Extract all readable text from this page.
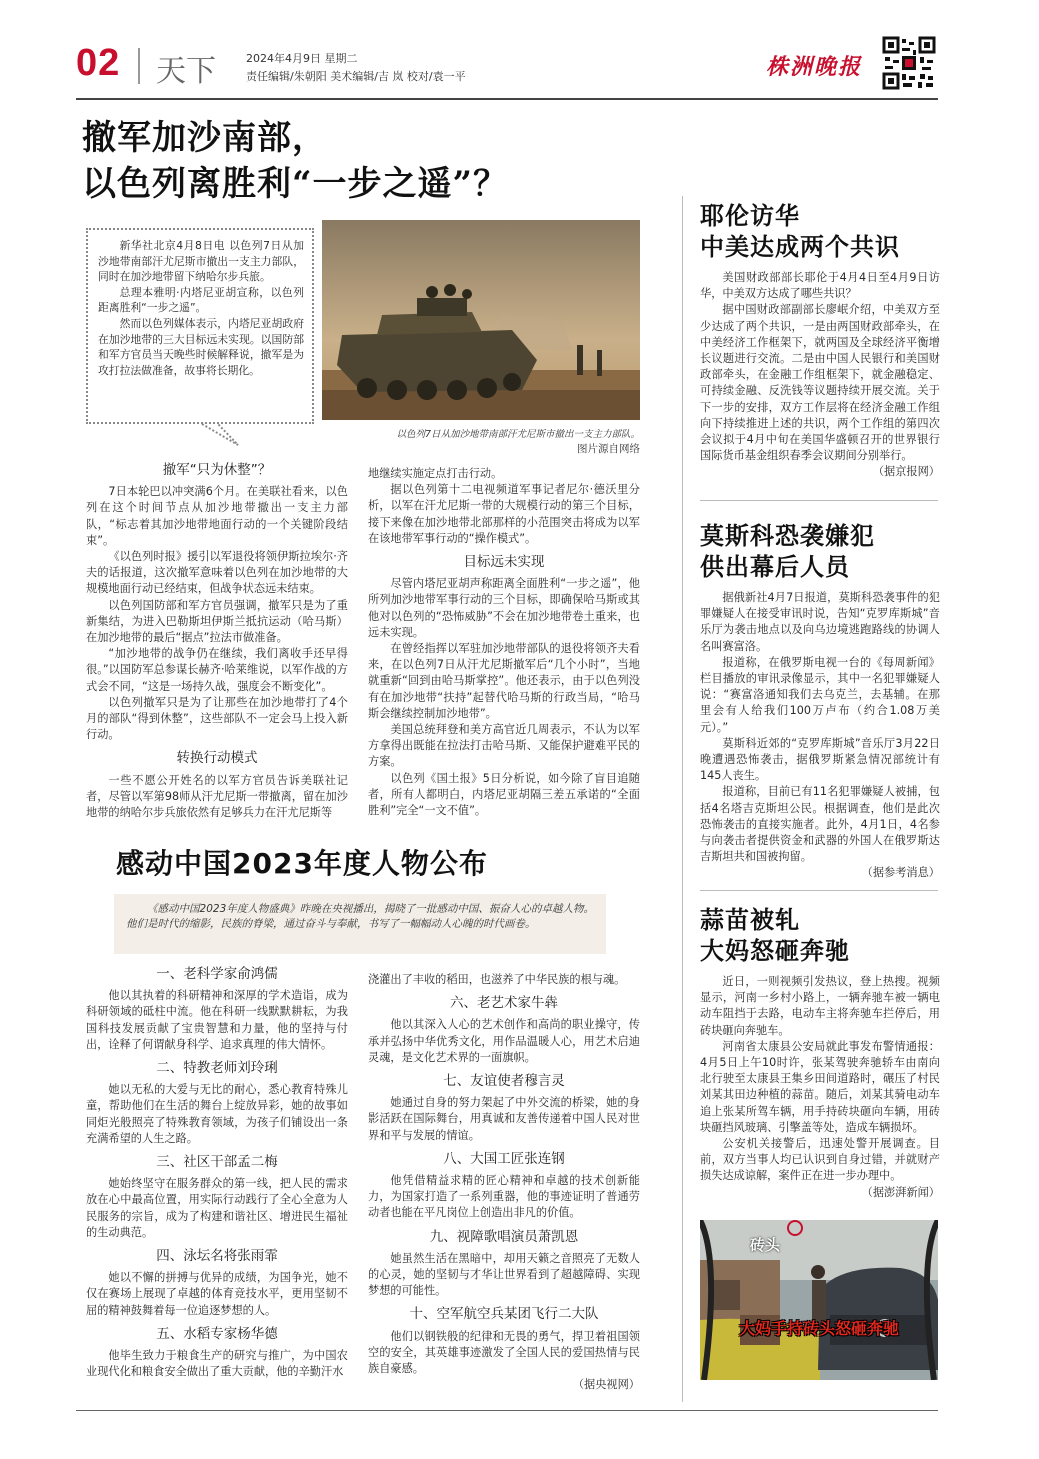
02 天下	2024年4月9日 星期二
责任编辑/朱朝阳 美术编辑/吉 岚 校对/袁一平	株洲晚报
撤军加沙南部，
以色列离胜利“一步之遥”？

新华社北京4月8日电 以色列7日从加沙地带南部汗尤尼斯市撤出一支主力部队，同时在加沙地带留下纳哈尔步兵旅。

总理本雅明·内塔尼亚胡宣称，以色列距离胜利“一步之遥”。

然而以色列媒体表示，内塔尼亚胡政府在加沙地带的三大目标远未实现。以国防部和军方官员当天晚些时候解释说，撤军是为攻打拉法做准备，故事将长期化。

以色列7日从加沙地带南部汗尤尼斯市撤出一支主力部队。
图片源自网络
撤军“只为休整”？

7日本轮巴以冲突满6个月。在美联社看来，以色列在这个时间节点从加沙地带撤出一支主力部队，“标志着其加沙地带地面行动的一个关键阶段结束”。

《以色列时报》援引以军退役将领伊斯拉埃尔·齐夫的话报道，这次撤军意味着以色列在加沙地带的大规模地面行动已经结束，但战争状态远未结束。

以色列国防部和军方官员强调，撤军只是为了重新集结，为进入巴勒斯坦伊斯兰抵抗运动（哈马斯）在加沙地带的最后“据点”拉法市做准备。

“加沙地带的战争仍在继续，我们离收手还早得很。”以国防军总参谋长赫齐·哈莱维说，以军作战的方式会不同，“这是一场持久战，强度会不断变化”。

以色列撤军只是为了让那些在加沙地带打了4个月的部队“得到休整”，这些部队不一定会马上投入新行动。

转换行动模式

一些不愿公开姓名的以军方官员告诉美联社记者，尽管以军第98师从汗尤尼斯一带撤离，留在加沙地带的纳哈尔步兵旅依然有足够兵力在汗尤尼斯等

地继续实施定点打击行动。

据以色列第十二电视频道军事记者尼尔·德沃里分析，以军在汗尤尼斯一带的大规模行动的第三个目标，接下来像在加沙地带北部那样的小范围突击将成为以军在该地带军事行动的“操作模式”。

目标远未实现

尽管内塔尼亚胡声称距离全面胜利“一步之遥”，他所列加沙地带军事行动的三个目标，即确保哈马斯或其他对以色列的“恐怖威胁”不会在加沙地带卷土重来，也远未实现。

在曾经指挥以军驻加沙地带部队的退役将领齐夫看来，在以色列7日从汗尤尼斯撤军后“几个小时”，当地就重新“回到由哈马斯掌控”。他还表示，由于以色列没有在加沙地带“扶持”起替代哈马斯的行政当局，“哈马斯会继续控制加沙地带”。

美国总统拜登和美方高官近几周表示，不认为以军方拿得出既能在拉法打击哈马斯、又能保护避难平民的方案。

以色列《国土报》5日分析说，如今除了盲目追随者，所有人都明白，内塔尼亚胡隔三差五承诺的“全面胜利”完全“一文不值”。

感动中国2023年度人物公布
《感动中国2023年度人物盛典》昨晚在央视播出，揭晓了一批感动中国、振奋人心的卓越人物。他们是时代的缩影，民族的脊梁，通过奋斗与奉献，书写了一幅幅动人心魄的时代画卷。
一、老科学家俞鸿儒

他以其执着的科研精神和深厚的学术造诣，成为科研领域的砥柱中流。他在科研一线默默耕耘，为我国科技发展贡献了宝贵智慧和力量，他的坚持与付出，诠释了何谓献身科学、追求真理的伟大情怀。

二、特教老师刘玲琍

她以无私的大爱与无比的耐心，悉心教育特殊儿童，帮助他们在生活的舞台上绽放异彩，她的故事如同炬光般照亮了特殊教育领域，为孩子们铺设出一条充满希望的人生之路。

三、社区干部孟二梅

她始终坚守在服务群众的第一线，把人民的需求放在心中最高位置，用实际行动践行了全心全意为人民服务的宗旨，成为了构建和谐社区、增进民生福祉的生动典范。

四、泳坛名将张雨霏

她以不懈的拼搏与优异的成绩，为国争光，她不仅在赛场上展现了卓越的体育竞技水平，更用坚韧不屈的精神鼓舞着每一位追逐梦想的人。

五、水稻专家杨华德

他毕生致力于粮食生产的研究与推广，为中国农业现代化和粮食安全做出了重大贡献，他的辛勤汗水

浇灌出了丰收的稻田，也滋养了中华民族的根与魂。

六、老艺术家牛犇

他以其深入人心的艺术创作和高尚的职业操守，传承并弘扬中华优秀文化，用作品温暖人心，用艺术启迪灵魂，是文化艺术界的一面旗帜。

七、友谊使者穆言灵

她通过自身的努力架起了中外交流的桥梁，她的身影活跃在国际舞台，用真诚和友善传递着中国人民对世界和平与发展的情谊。

八、大国工匠张连钢

他凭借精益求精的匠心精神和卓越的技术创新能力，为国家打造了一系列重器，他的事迹证明了普通劳动者也能在平凡岗位上创造出非凡的价值。

九、视障歌唱演员萧凯恩

她虽然生活在黑暗中，却用天籁之音照亮了无数人的心灵，她的坚韧与才华让世界看到了超越障碍、实现梦想的可能性。

十、空军航空兵某团飞行二大队

他们以钢铁般的纪律和无畏的勇气，捍卫着祖国领空的安全，其英雄事迹激发了全国人民的爱国热情与民族自豪感。

（据央视网）

耶伦访华
中美达成两个共识

美国财政部部长耶伦于4月4日至4月9日访华，中美双方达成了哪些共识？

据中国财政部副部长廖岷介绍，中美双方至少达成了两个共识，一是由两国财政部牵头，在中美经济工作框架下，就两国及全球经济平衡增长议题进行交流。二是由中国人民银行和美国财政部牵头，在金融工作组框架下，就金融稳定、可持续金融、反洗钱等议题持续开展交流。关于下一步的安排，双方工作层将在经济金融工作组向下持续推进上述的共识，两个工作组的第四次会议拟于4月中旬在美国华盛顿召开的世界银行国际货币基金组织春季会议期间分别举行。

（据京报网）

莫斯科恐袭嫌犯
供出幕后人员

据俄新社4月7日报道，莫斯科恐袭事件的犯罪嫌疑人在接受审讯时说，告知“克罗库斯城”音乐厅为袭击地点以及向乌边境逃跑路线的协调人名叫赛富洛。

报道称，在俄罗斯电视一台的《每周新闻》栏目播放的审讯录像显示，其中一名犯罪嫌疑人说：“赛富洛通知我们去乌克兰，去基辅。在那里会有人给我们100万卢布（约合1.08万美元）。”

莫斯科近郊的“克罗库斯城”音乐厅3月22日晚遭遇恐怖袭击，据俄罗斯紧急情况部统计有145人丧生。

报道称，目前已有11名犯罪嫌疑人被捕，包括4名塔吉克斯坦公民。根据调查，他们是此次恐怖袭击的直接实施者。此外，4月1日，4名参与向袭击者提供资金和武器的外国人在俄罗斯达吉斯坦共和国被拘留。

（据参考消息）

蒜苗被轧
大妈怒砸奔驰

近日，一则视频引发热议，登上热搜。视频显示，河南一乡村小路上，一辆奔驰车被一辆电动车阻挡于去路，电动车主将奔驰车拦停后，用砖块砸向奔驰车。

河南省太康县公安局就此事发布警情通报：4月5日上午10时许，张某驾驶奔驰轿车由南向北行驶至太康县王集乡田间道路时，碾压了村民刘某其田边种植的蒜苗。随后，刘某其骑电动车追上张某所驾车辆，用手持砖块砸向车辆，用砖块砸挡风玻璃、引擎盖等处，造成车辆损坏。

公安机关接警后，迅速处警开展调查。目前，双方当事人均已认识到自身过错，并就财产损失达成谅解，案件正在进一步办理中。

（据澎湃新闻）

砖头
大妈手持砖头怒砸奔驰
